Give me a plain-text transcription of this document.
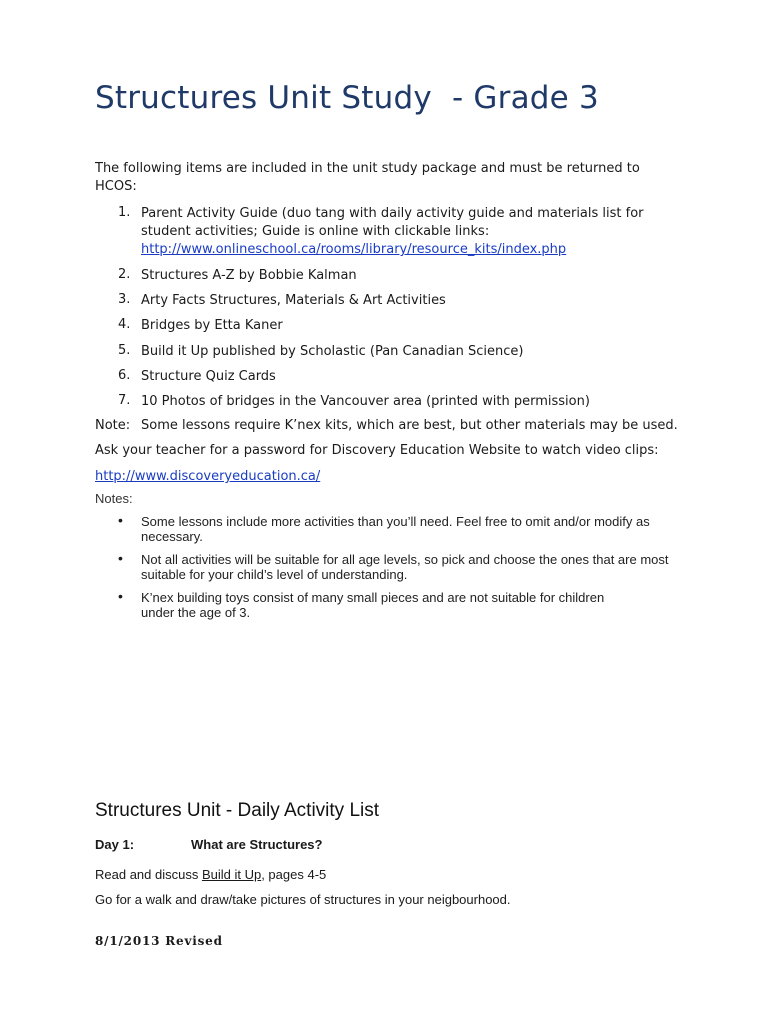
Structures Unit Study  - Grade 3
The following items are included in the unit study package and must be returned to HCOS:
1. Parent Activity Guide (duo tang with daily activity guide and materials list for
student activities; Guide is online with clickable links:
http://www.onlineschool.ca/rooms/library/resource_kits/index.php
2. Structures A-Z by Bobbie Kalman
3. Arty Facts Structures, Materials & Art Activities
4. Bridges by Etta Kaner
5. Build it Up published by Scholastic (Pan Canadian Science)
6. Structure Quiz Cards
7. 10 Photos of bridges in the Vancouver area (printed with permission)
Note: Some lessons require K’nex kits, which are best, but other materials may be used.
Ask your teacher for a password for Discovery Education Website to watch video clips:
http://www.discoveryeducation.ca/
Notes:
• Some lessons include more activities than you’ll need. Feel free to omit and/or modify as necessary.
• Not all activities will be suitable for all age levels, so pick and choose the ones that are most suitable for your child’s level of understanding.
• K’nex building toys consist of many small pieces and are not suitable for children under the age of 3.
Structures Unit - Daily Activity List
Day 1:	What are Structures?
Read and discuss Build it Up, pages 4-5
Go for a walk and draw/take pictures of structures in your neigbourhood.
8/1/2013 Revised
